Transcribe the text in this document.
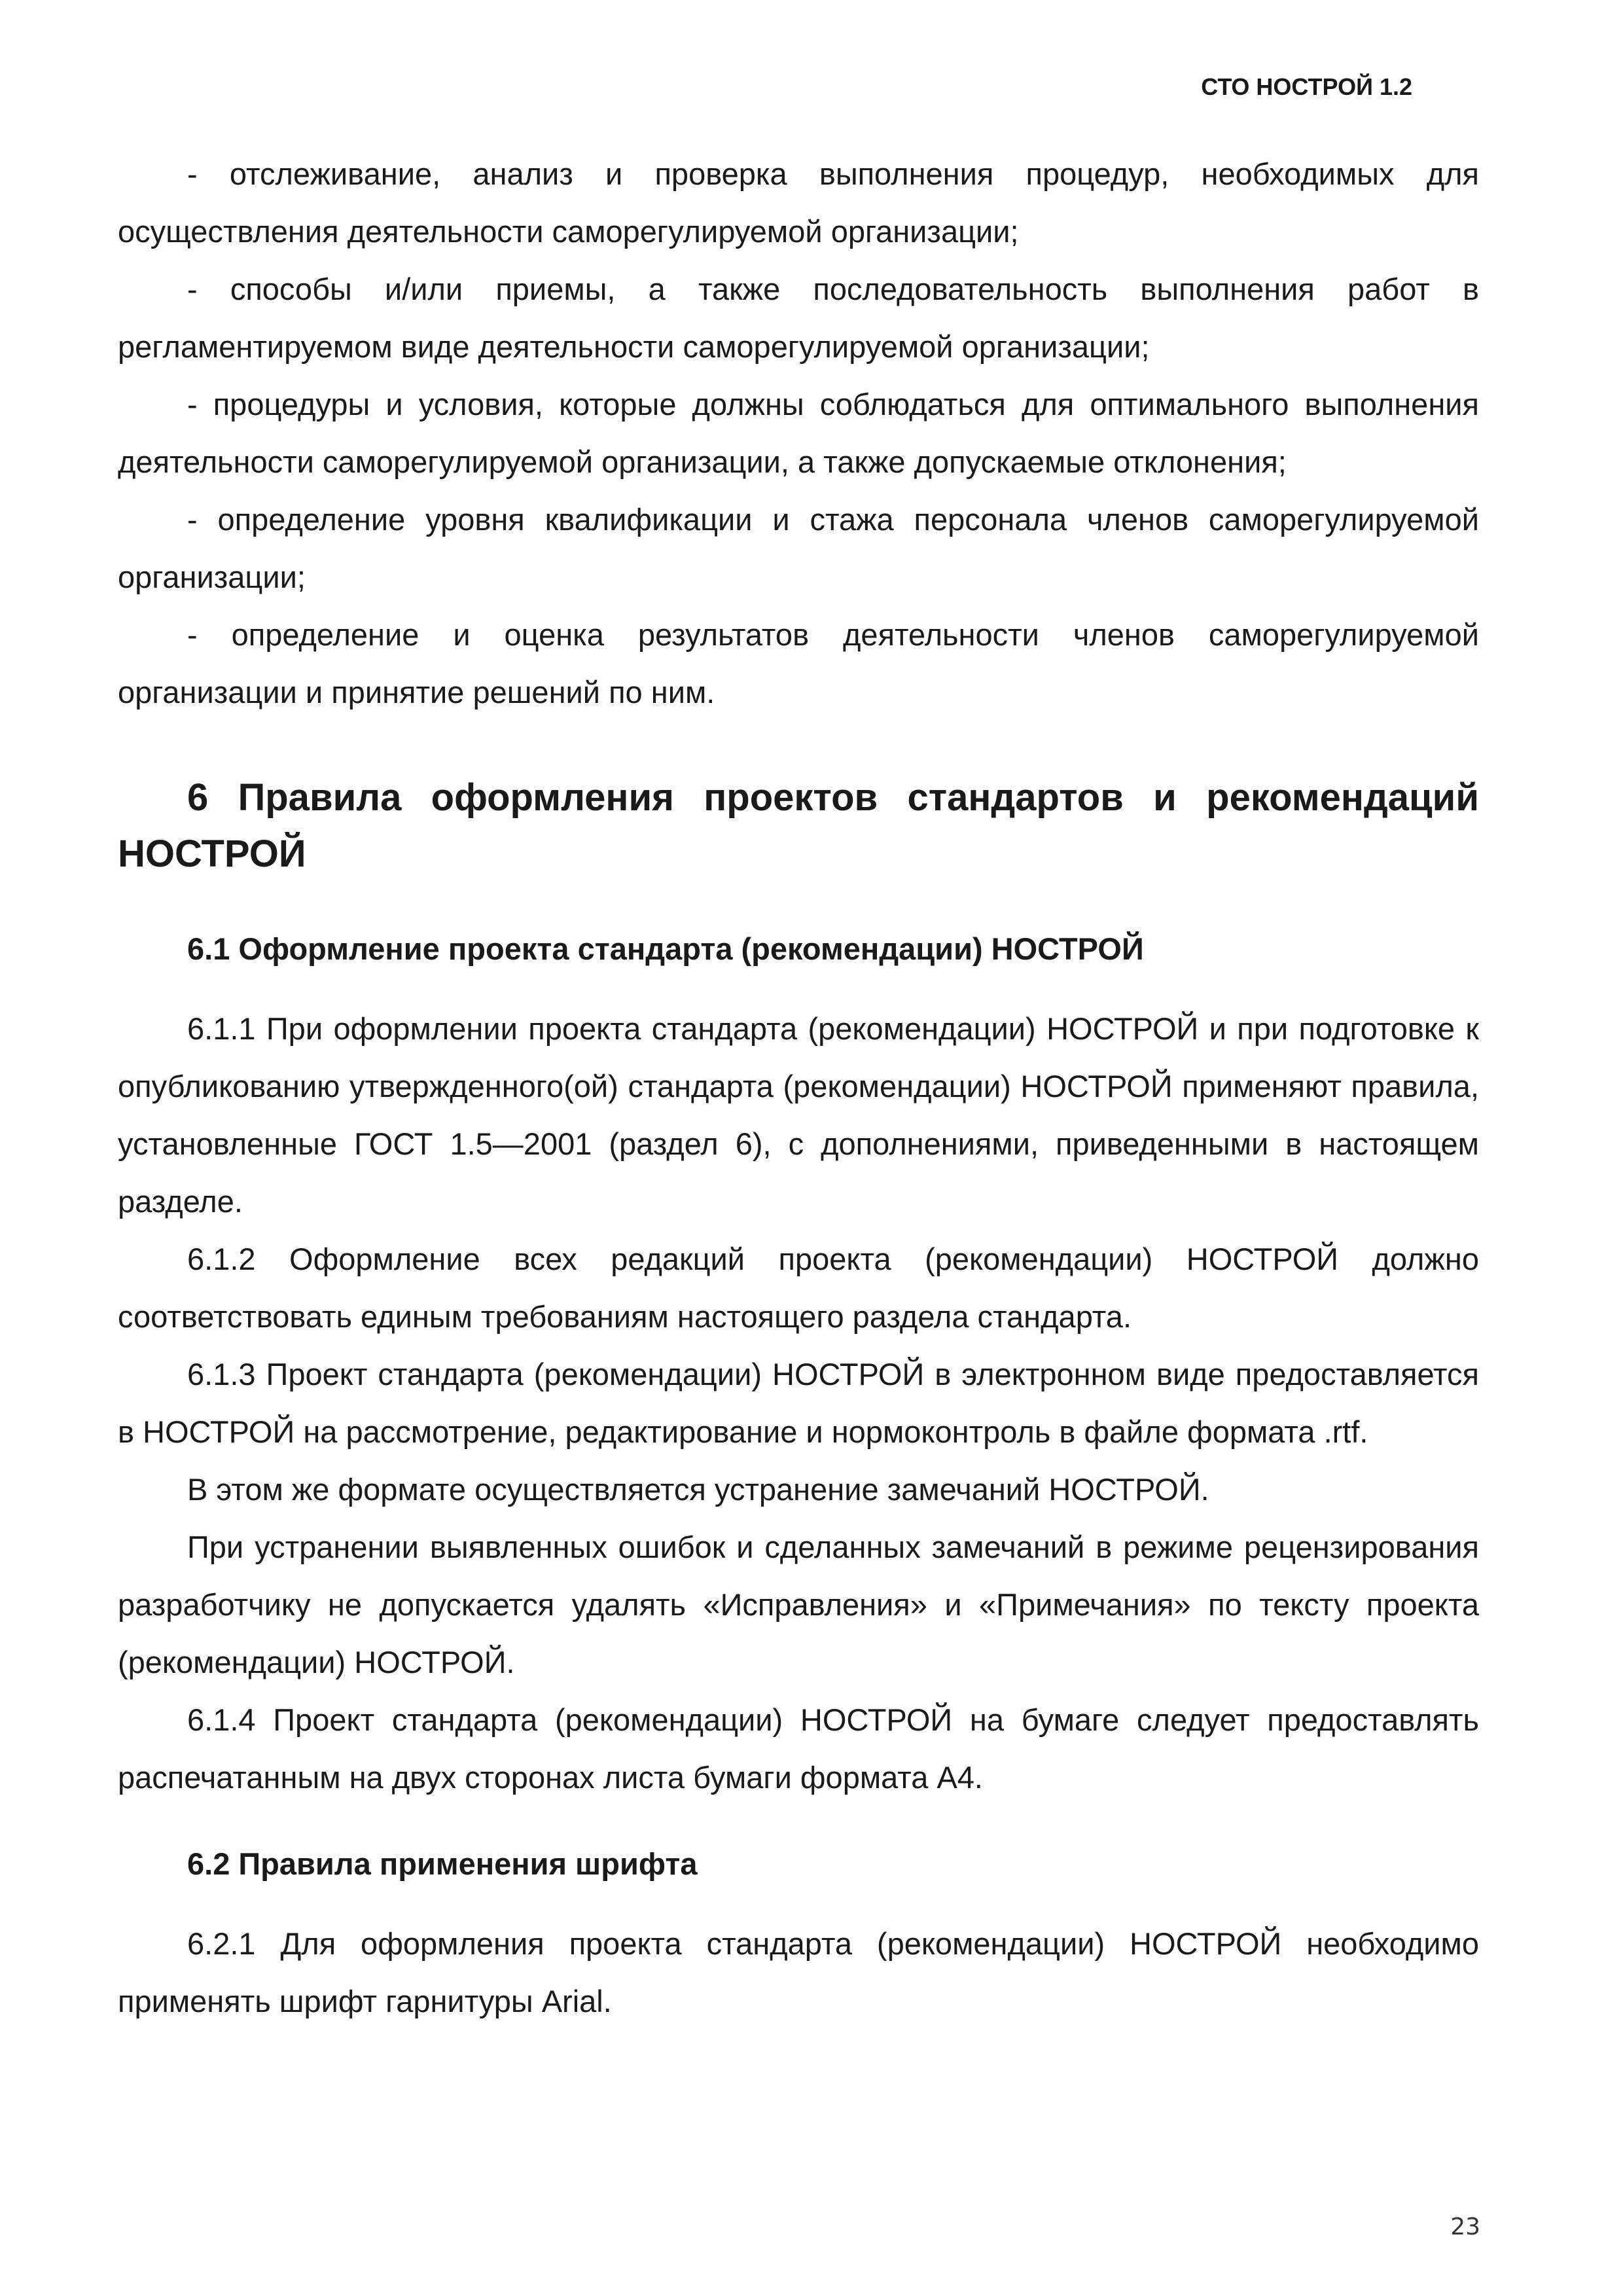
СТО НОСТРОЙ 1.2

- отслеживание, анализ и проверка выполнения процедур, необходимых для осуществления деятельности саморегулируемой организации;

- способы и/или приемы, а также последовательность выполнения работ в регламентируемом виде деятельности саморегулируемой организации;

- процедуры и условия, которые должны соблюдаться для оптимального выполнения деятельности саморегулируемой организации, а также допускаемые отклонения;

- определение уровня квалификации и стажа персонала членов саморегулируемой организации;

- определение и оценка результатов деятельности членов саморегулируемой организации и принятие решений по ним.

6 Правила оформления проектов стандартов и рекомендаций НОСТРОЙ
6.1 Оформление проекта стандарта (рекомендации) НОСТРОЙ

6.1.1 При оформлении проекта стандарта (рекомендации) НОСТРОЙ и при подготовке к опубликованию утвержденного(ой) стандарта (рекомендации) НОСТРОЙ применяют правила, установленные ГОСТ 1.5—2001 (раздел 6), с дополнениями, приведенными в настоящем разделе.

6.1.2 Оформление всех редакций проекта (рекомендации) НОСТРОЙ должно соответствовать единым требованиям настоящего раздела стандарта.

6.1.3 Проект стандарта (рекомендации) НОСТРОЙ в электронном виде предоставляется в НОСТРОЙ на рассмотрение, редактирование и нормоконтроль в файле формата .rtf.

В этом же формате осуществляется устранение замечаний НОСТРОЙ.

При устранении выявленных ошибок и сделанных замечаний в режиме рецензирования разработчику не допускается удалять «Исправления» и «Примечания» по тексту проекта (рекомендации) НОСТРОЙ.

6.1.4 Проект стандарта (рекомендации) НОСТРОЙ на бумаге следует предоставлять распечатанным на двух сторонах листа бумаги формата А4.

6.2 Правила применения шрифта

6.2.1 Для оформления проекта стандарта (рекомендации) НОСТРОЙ необходимо применять шрифт гарнитуры Arial.

23
